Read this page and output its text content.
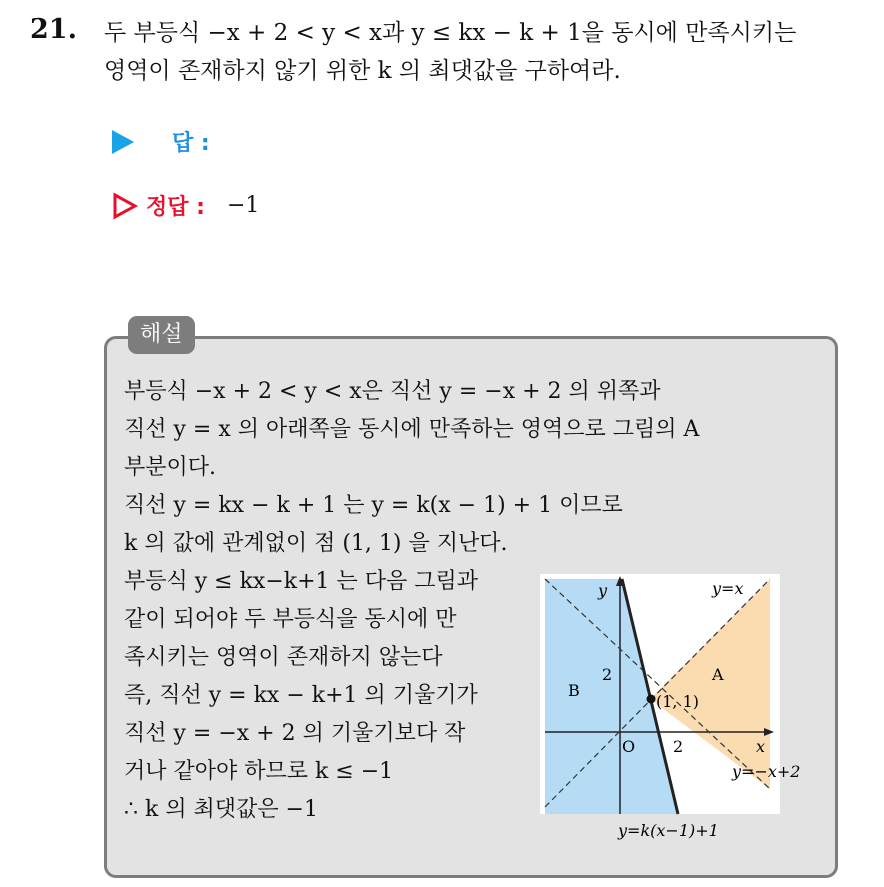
21. 두 부등식 −x + 2 < y < x과 y ≤ kx − k + 1을 동시에 만족시키는
영역이 존재하지 않기 위한 k 의 최댓값을 구하여라.
답 :
정답 : −1
해설
부등식 −x + 2 < y < x은 직선 y = −x + 2 의 위쪽과
직선 y = x 의 아래쪽을 동시에 만족하는 영역으로 그림의 A
부분이다.
직선 y = kx − k + 1 는 y = k(x − 1) + 1 이므로
k 의 값에 관계없이 점 (1, 1) 을 지난다.
부등식 y ≤ kx−k+1 는 다음 그림과
같이 되어야 두 부등식을 동시에 만
족시키는 영역이 존재하지 않는다
즉, 직선 y = kx − k+1 의 기울기가
직선 y = −x + 2 의 기울기보다 작
거나 같아야 하므로 k ≤ −1
∴ k 의 최댓값은 −1
y
x
y=x
O
2
2
(1, 1)
A
B
y=−x+2
y=k(x−1)+1
